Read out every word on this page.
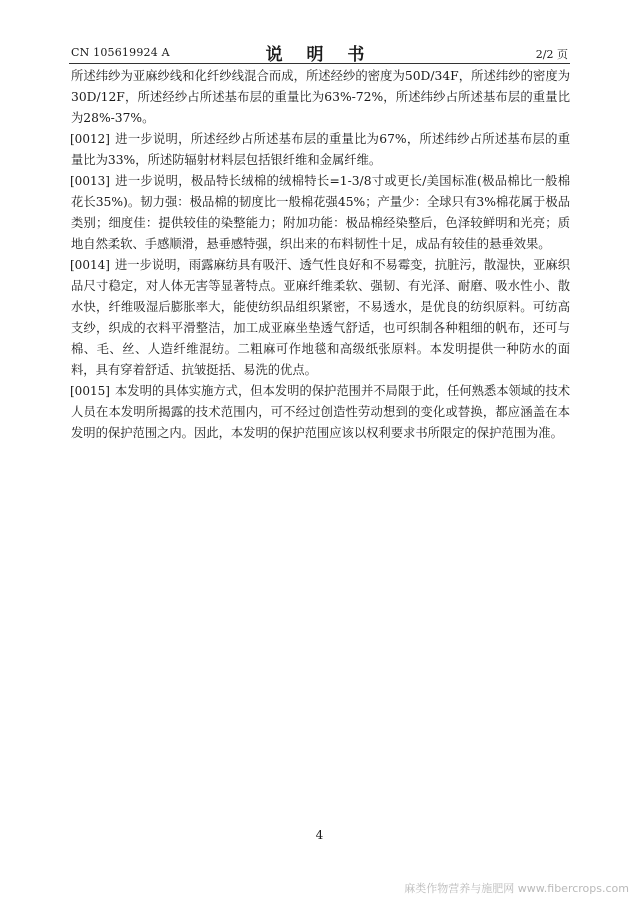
CN 105619924 A	说 明 书	2/2 页

所述纬纱为亚麻纱线和化纤纱线混合而成，所述经纱的密度为50D/34F，所述纬纱的密度为30D/12F，所述经纱占所述基布层的重量比为63%-72%，所述纬纱占所述基布层的重量比为28%-37%。

[0012] 进一步说明，所述经纱占所述基布层的重量比为67%，所述纬纱占所述基布层的重量比为33%，所述防辐射材料层包括银纤维和金属纤维。

[0013] 进一步说明，极品特长绒棉的绒棉特长=1-3/8寸或更长/美国标准(极品棉比一般棉花长35%)。韧力强：极品棉的韧度比一般棉花强45%；产量少：全球只有3%棉花属于极品类别；细度佳：提供较佳的染整能力；附加功能：极品棉经染整后，色泽较鲜明和光亮；质地自然柔软、手感顺滑，悬垂感特强，织出来的布料韧性十足，成品有较佳的悬垂效果。

[0014] 进一步说明，雨露麻纺具有吸汗、透气性良好和不易霉变，抗脏污，散湿快，亚麻织品尺寸稳定，对人体无害等显著特点。亚麻纤维柔软、强韧、有光泽、耐磨、吸水性小、散水快，纤维吸湿后膨胀率大，能使纺织品组织紧密，不易透水，是优良的纺织原料。可纺高支纱，织成的衣料平滑整洁，加工成亚麻坐垫透气舒适，也可织制各种粗细的帆布，还可与棉、毛、丝、人造纤维混纺。二粗麻可作地毯和高级纸张原料。本发明提供一种防水的面料，具有穿着舒适、抗皱挺括、易洗的优点。

[0015] 本发明的具体实施方式，但本发明的保护范围并不局限于此，任何熟悉本领域的技术人员在本发明所揭露的技术范围内，可不经过创造性劳动想到的变化或替换，都应涵盖在本发明的保护范围之内。因此，本发明的保护范围应该以权利要求书所限定的保护范围为准。

4
麻类作物营养与施肥网 www.fibercrops.com
